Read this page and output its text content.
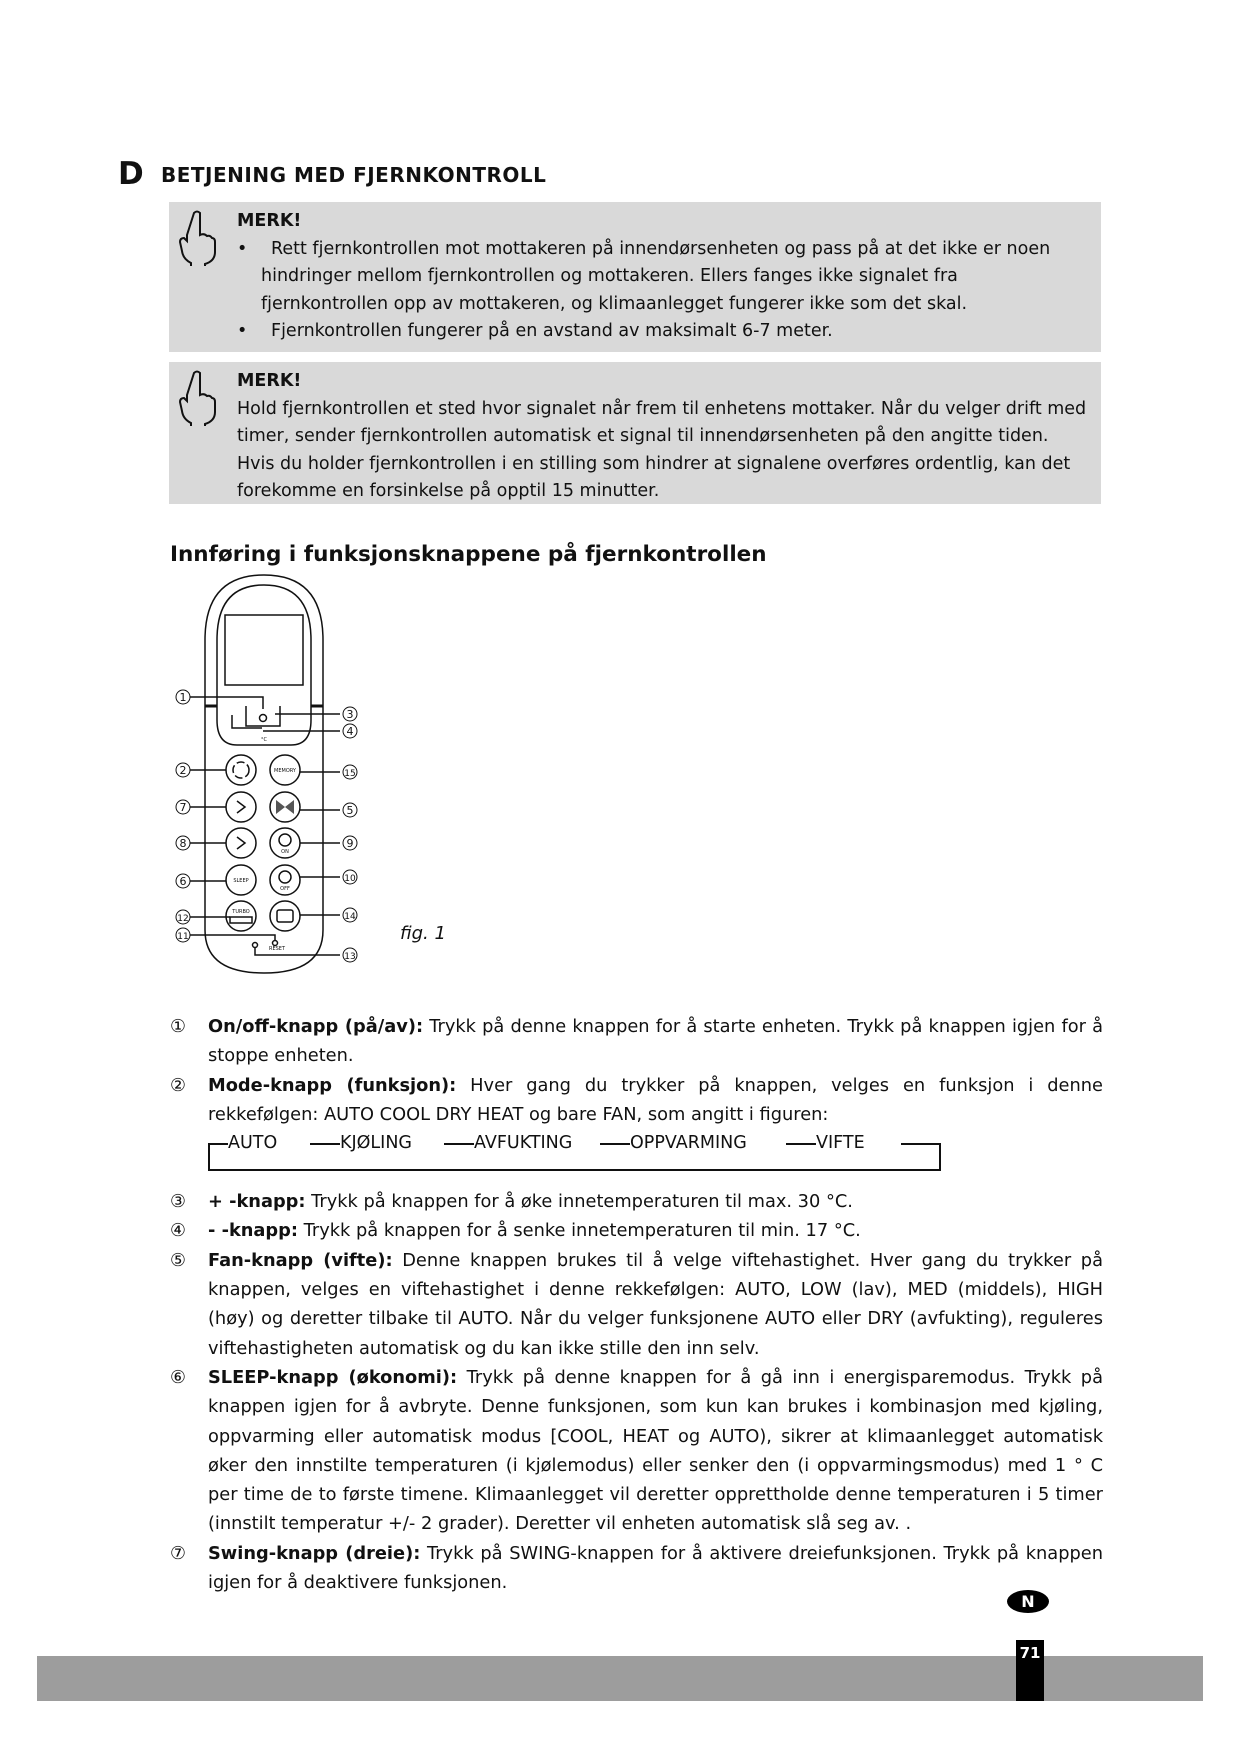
D BETJENING MED FJERNKONTROLL
MERK!
• Rett fjernkontrollen mot mottakeren på innendørsenheten og pass på at det ikke er noen hindringer mellom fjernkontrollen og mottakeren. Ellers fanges ikke signalet fra fjernkontrollen opp av mottakeren, og klimaanlegget fungerer ikke som det skal.
• Fjernkontrollen fungerer på en avstand av maksimalt 6-7 meter.
MERK!
Hold fjernkontrollen et sted hvor signalet når frem til enhetens mottaker. Når du velger drift med timer, sender fjernkontrollen automatisk et signal til innendørsenheten på den angitte tiden. Hvis du holder fjernkontrollen i en stilling som hindrer at signalene overføres ordentlig, kan det forekomme en forsinkelse på opptil 15 minutter.
Innføring i funksjonsknappene på fjernkontrollen
MEMORY
SLEEP
TURBO
ON
OFF
RESET
°C
1
2
7
8
6
12
11
3
4
15
5
9
10
14
13
fig. 1
① On/off-knapp (på/av): Trykk på denne knappen for å starte enheten. Trykk på knappen igjen for å stoppe enheten.
② Mode-knapp (funksjon): Hver gang du trykker på knappen, velges en funksjon i denne rekkefølgen: AUTO COOL DRY HEAT og bare FAN, som angitt i figuren:
AUTO	KJØLING	AVFUKTING	OPPVARMING	VIFTE
③ + -knapp: Trykk på knappen for å øke innetemperaturen til max. 30 °C.
④ - -knapp: Trykk på knappen for å senke innetemperaturen til min. 17 °C.
⑤ Fan-knapp (vifte): Denne knappen brukes til å velge viftehastighet. Hver gang du trykker på knappen, velges en viftehastighet i denne rekkefølgen: AUTO, LOW (lav), MED (middels), HIGH (høy) og deretter tilbake til AUTO. Når du velger funksjonene AUTO eller DRY (avfukting), reguleres viftehastigheten automatisk og du kan ikke stille den inn selv.
⑥ SLEEP-knapp (økonomi): Trykk på denne knappen for å gå inn i energisparemodus. Trykk på knappen igjen for å avbryte. Denne funksjonen, som kun kan brukes i kombinasjon med kjøling, oppvarming eller automatisk modus [COOL, HEAT og AUTO), sikrer at klimaanlegget automatisk øker den innstilte temperaturen (i kjølemodus) eller senker den (i oppvarmingsmodus) med 1 ° C per time de to første timene. Klimaanlegget vil deretter opprettholde denne temperaturen i 5 timer (innstilt temperatur +/- 2 grader). Deretter vil enheten automatisk slå seg av. .
⑦ Swing-knapp (dreie): Trykk på SWING-knappen for å aktivere dreiefunksjonen. Trykk på knappen igjen for å deaktivere funksjonen.
N
71
